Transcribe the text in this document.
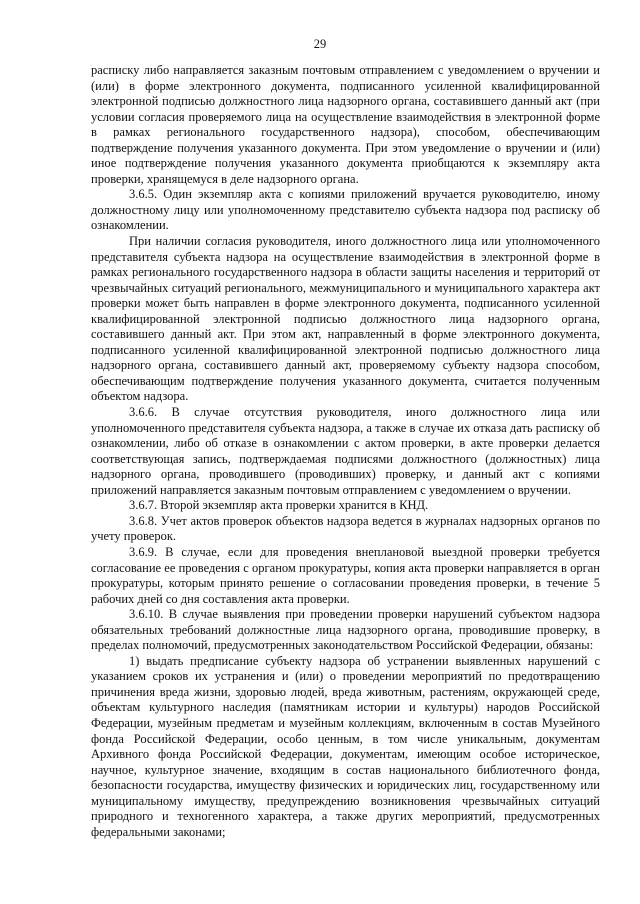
29

распиcку либо направляется заказным почтовым отправлением с уведомлением о вручении и (или) в форме электронного документа, подписанного усиленной квалифицированной электронной подписью должностного лица надзорного органа, составившего данный акт (при условии согласия проверяемого лица на осуществление взаимодействия в электронной форме в рамках регионального государственного надзора), способом, обеспечивающим подтверждение получения указанного документа. При этом уведомление о вручении и (или) иное подтверждение получения указанного документа приобщаются к экземпляру акта проверки, хранящемуся в деле надзорного органа.

3.6.5. Один экземпляр акта с копиями приложений вручается руководителю, иному должностному лицу или уполномоченному представителю субъекта надзора под расписку об ознакомлении.

При наличии согласия руководителя, иного должностного лица или уполномоченного представителя субъекта надзора на осуществление взаимодействия в электронной форме в рамках регионального государственного надзора в области защиты населения и территорий от чрезвычайных ситуаций регионального, межмуниципального и муниципального характера акт проверки может быть направлен в форме электронного документа, подписанного усиленной квалифицированной электронной подписью должностного лица надзорного органа, составившего данный акт. При этом акт, направленный в форме электронного документа, подписанного усиленной квалифицированной электронной подписью должностного лица надзорного органа, составившего данный акт, проверяемому субъекту надзора способом, обеспечивающим подтверждение получения указанного документа, считается полученным объектом надзора.

3.6.6. В случае отсутствия руководителя, иного должностного лица или уполномоченного представителя субъекта надзора, а также в случае их отказа дать расписку об ознакомлении, либо об отказе в ознакомлении с актом проверки, в акте проверки делается соответствующая запись, подтверждаемая подписями должностного (должностных) лица надзорного органа, проводившего (проводивших) проверку, и данный акт с копиями приложений направляется заказным почтовым отправлением с уведомлением о вручении.

3.6.7. Второй экземпляр акта проверки хранится в КНД.

3.6.8. Учет актов проверок объектов надзора ведется в журналах надзорных органов по учету проверок.

3.6.9. В случае, если для проведения внеплановой выездной проверки требуется согласование ее проведения с органом прокуратуры, копия акта проверки направляется в орган прокуратуры, которым принято решение о согласовании проведения проверки, в течение 5 рабочих дней со дня составления акта проверки.

3.6.10. В случае выявления при проведении проверки нарушений субъектом надзора обязательных требований должностные лица надзорного органа, проводившие проверку, в пределах полномочий, предусмотренных законодательством Российской Федерации, обязаны:

1) выдать предписание субъекту надзора об устранении выявленных нарушений с указанием сроков их устранения и (или) о проведении мероприятий по предотвращению причинения вреда жизни, здоровью людей, вреда животным, растениям, окружающей среде, объектам культурного наследия (памятникам истории и культуры) народов Российской Федерации, музейным предметам и музейным коллекциям, включенным в состав Музейного фонда Российской Федерации, особо ценным, в том числе уникальным, документам Архивного фонда Российской Федерации, документам, имеющим особое историческое, научное, культурное значение, входящим в состав национального библиотечного фонда, безопасности государства, имуществу физических и юридических лиц, государственному или муниципальному имуществу, предупреждению возникновения чрезвычайных ситуаций природного и техногенного характера, а также других мероприятий, предусмотренных федеральными законами;
